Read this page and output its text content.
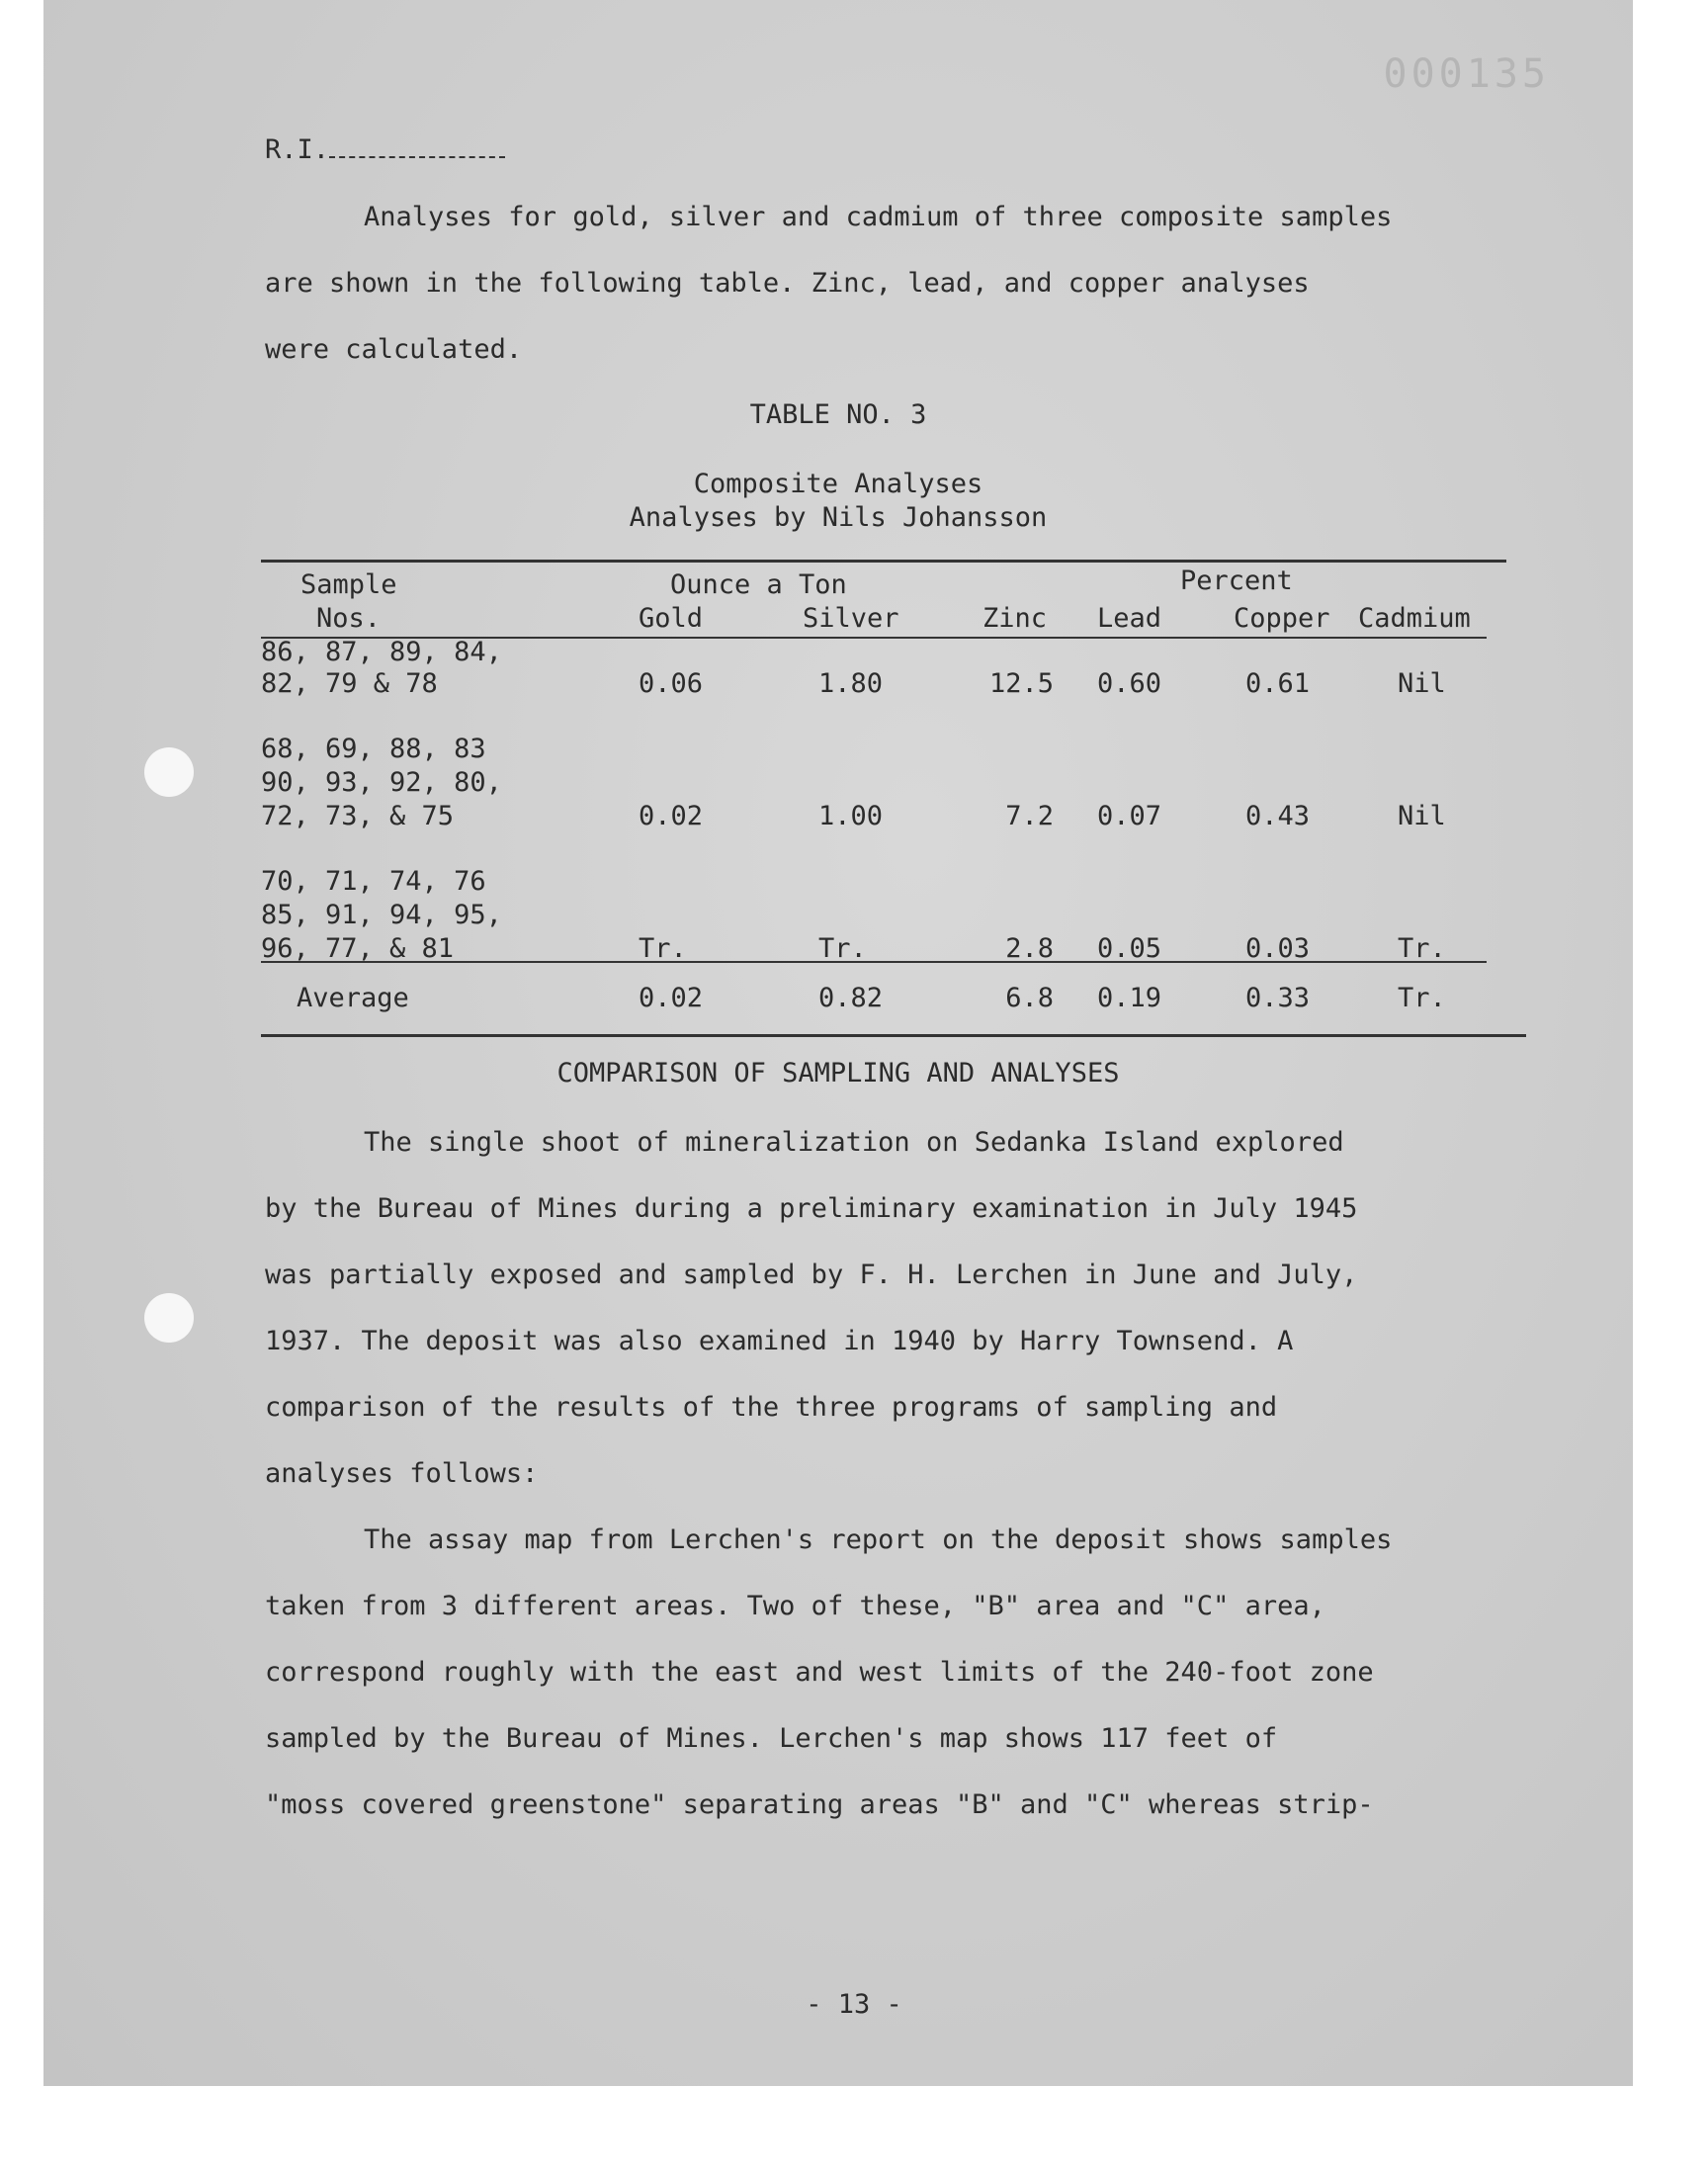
000135
R.I.

Analyses for gold, silver and cadmium of three composite samples
are shown in the following table. Zinc, lead, and copper analyses
were calculated.

TABLE NO. 3
Composite Analyses
Analyses by Nils Johansson
Sample
Nos.
Ounce a Ton	Percent
Gold	Silver	Zinc Lead	Copper Cadmium
86, 87, 89, 84,
82, 79 & 78	0.06	1.80	12.5 0.60	0.61	Nil
68, 69, 88, 83
90, 93, 92, 80,
72, 73, & 75	0.02	1.00	7.2 0.07	0.43	Nil
70, 71, 74, 76
85, 91, 94, 95,
96, 77, & 81	Tr.	Tr.	2.8 0.05	0.03	Tr.
Average	0.02	0.82	6.8 0.19	0.33	Tr.
COMPARISON OF SAMPLING AND ANALYSES

The single shoot of mineralization on Sedanka Island explored
by the Bureau of Mines during a preliminary examination in July 1945
was partially exposed and sampled by F. H. Lerchen in June and July,
1937. The deposit was also examined in 1940 by Harry Townsend. A
comparison of the results of the three programs of sampling and
analyses follows:

The assay map from Lerchen's report on the deposit shows samples
taken from 3 different areas. Two of these, "B" area and "C" area,
correspond roughly with the east and west limits of the 240-foot zone
sampled by the Bureau of Mines. Lerchen's map shows 117 feet of
"moss covered greenstone" separating areas "B" and "C" whereas strip-

- 13 -
